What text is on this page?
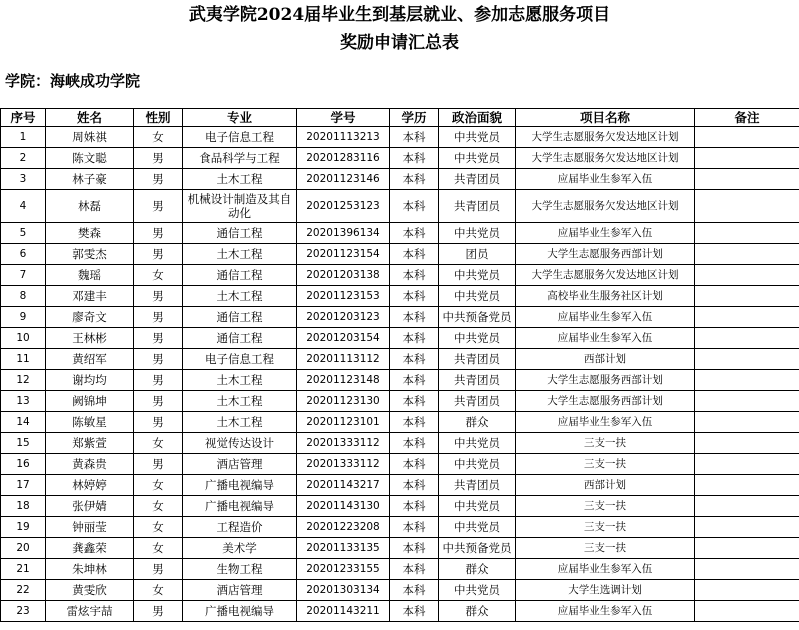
武夷学院2024届毕业生到基层就业、参加志愿服务项目
奖励申请汇总表
学院：海峡成功学院
序号	姓名	性别	专业	学号	学历	政治面貌	项目名称	备注
1	周姝祺	女	电子信息工程	20201113213	本科	中共党员	大学生志愿服务欠发达地区计划	
2	陈文聪	男	食品科学与工程	20201283116	本科	中共党员	大学生志愿服务欠发达地区计划	
3	林子豪	男	土木工程	20201123146	本科	共青团员	应届毕业生参军入伍	
4	林磊	男	机械设计制造及其自动化	20201253123	本科	共青团员	大学生志愿服务欠发达地区计划	
5	樊森	男	通信工程	20201396134	本科	中共党员	应届毕业生参军入伍	
6	郭雯杰	男	土木工程	20201123154	本科	团员	大学生志愿服务西部计划	
7	魏瑶	女	通信工程	20201203138	本科	中共党员	大学生志愿服务欠发达地区计划	
8	邓建丰	男	土木工程	20201123153	本科	中共党员	高校毕业生服务社区计划	
9	廖奇文	男	通信工程	20201203123	本科	中共预备党员	应届毕业生参军入伍	
10	王林彬	男	通信工程	20201203154	本科	中共党员	应届毕业生参军入伍	
11	黄绍军	男	电子信息工程	20201113112	本科	共青团员	西部计划	
12	谢均均	男	土木工程	20201123148	本科	共青团员	大学生志愿服务西部计划	
13	阙锦坤	男	土木工程	20201123130	本科	共青团员	大学生志愿服务西部计划	
14	陈敏星	男	土木工程	20201123101	本科	群众	应届毕业生参军入伍	
15	郑紫萱	女	视觉传达设计	20201333112	本科	中共党员	三支一扶	
16	黄森贵	男	酒店管理	20201333112	本科	中共党员	三支一扶	
17	林婷婷	女	广播电视编导	20201143217	本科	共青团员	西部计划	
18	张伊婧	女	广播电视编导	20201143130	本科	中共党员	三支一扶	
19	钟丽莹	女	工程造价	20201223208	本科	中共党员	三支一扶	
20	龚鑫荣	女	美术学	20201133135	本科	中共预备党员	三支一扶	
21	朱坤林	男	生物工程	20201233155	本科	群众	应届毕业生参军入伍	
22	黄雯欣	女	酒店管理	20201303134	本科	中共党员	大学生选调计划	
23	雷炫宇喆	男	广播电视编导	20201143211	本科	群众	应届毕业生参军入伍	
